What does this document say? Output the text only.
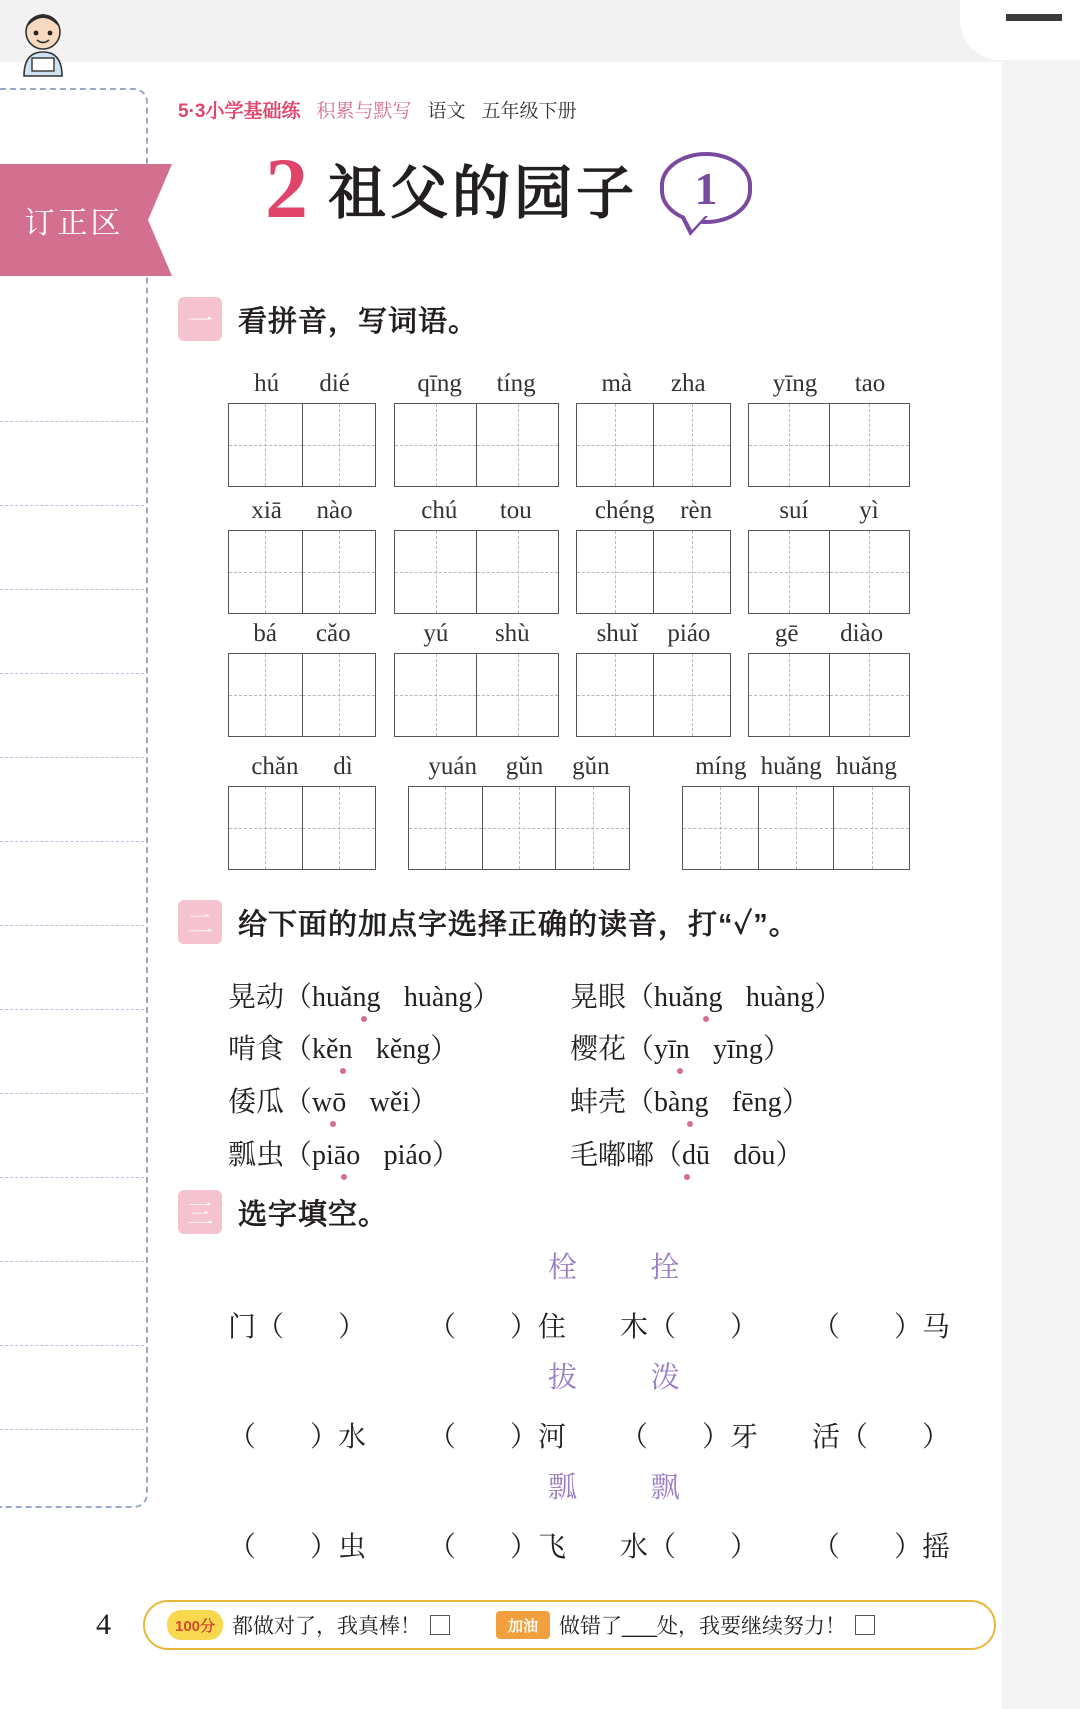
订正区
5·3小学基础练 积累与默写 语文 五年级下册
2 祖父的园子 1
一 看拼音，写词语。
hú dié	qīng tíng	mà zha	yīng tao
xiā nào	chú tou	chéng rèn	suí yì
bá cǎo	yú shù	shuǐ piáo	gē diào
chǎn dì	yuán gǔn gǔn	míng huǎng huǎng
二 给下面的加点字选择正确的读音，打“✓”。
晃动（huǎng huàng） 晃眼（huǎng huàng）
啃食（kěn kěng）	樱花（yīn yīng）
倭瓜（wō wěi）	蚌壳（bàng fēng）
瓢虫（piāo piáo）	毛嘟嘟（dū dōu）
三 选字填空。
栓	拴
门（ ） （ ）住 木（ ） （ ）马
拔	泼
（ ）水 （ ）河 （ ）牙 活（ ）
瓢	飘
（ ）虫 （ ）飞 水（ ） （ ）摇
4	100分 都做对了，我真棒！	加油	做错了___处，我要继续努力！
